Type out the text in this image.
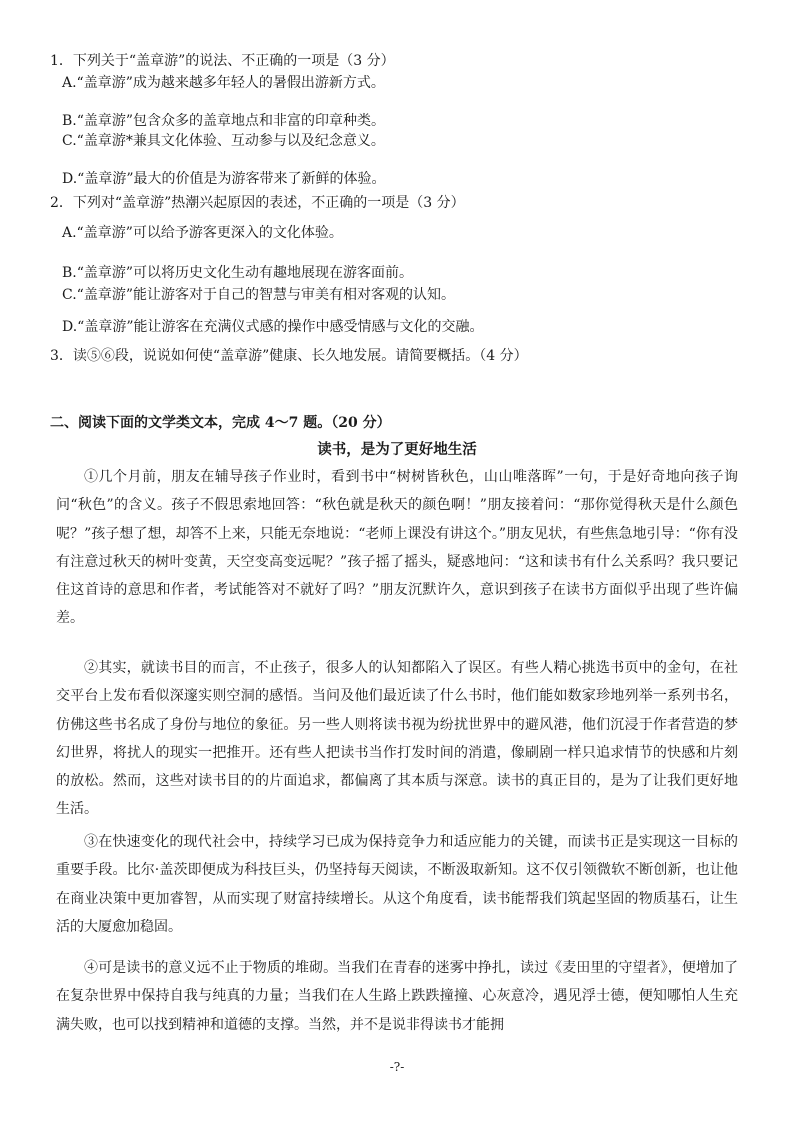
1．下列关于“盖章游”的说法、不正确的一项是（3 分）
A.“盖章游”成为越来越多年轻人的暑假出游新方式。
B.“盖章游”包含众多的盖章地点和非富的印章种类。
C.“盖章游*兼具文化体验、互动参与以及纪念意义。
D.“盖章游”最大的价值是为游客带来了新鲜的体验。
2．下列对“盖章游”热潮兴起原因的表述，不正确的一项是（3 分）
A.“盖章游”可以给予游客更深入的文化体验。
B.“盖章游”可以将历史文化生动有趣地展现在游客面前。
C.“盖章游”能让游客对于自己的智慧与审美有相对客观的认知。
D.“盖章游”能让游客在充满仪式感的操作中感受情感与文化的交融。
3．读⑤⑥段，说说如何使“盖章游”健康、长久地发展。请简要概括。（4 分）
二、阅读下面的文学类文本，完成 4～7 题。（20 分）
读书，是为了更好地生活

①几个月前，朋友在辅导孩子作业时，看到书中“树树皆秋色，山山唯落晖”一句，于是好奇地向孩子询问“秋色”的含义。孩子不假思索地回答：“秋色就是秋天的颜色啊！”朋友接着问：“那你觉得秋天是什么颜色呢？”孩子想了想，却答不上来，只能无奈地说：“老师上课没有讲这个。”朋友见状，有些焦急地引导：“你有没有注意过秋天的树叶变黄，天空变高变远呢？”孩子摇了摇头，疑惑地问：“这和读书有什么关系吗？我只要记住这首诗的意思和作者，考试能答对不就好了吗？”朋友沉默许久，意识到孩子在读书方面似乎出现了些许偏差。

②其实，就读书目的而言，不止孩子，很多人的认知都陷入了误区。有些人精心挑选书页中的金句，在社交平台上发布看似深邃实则空洞的感悟。当问及他们最近读了什么书时，他们能如数家珍地列举一系列书名，仿佛这些书名成了身份与地位的象征。另一些人则将读书视为纷扰世界中的避风港，他们沉浸于作者营造的梦幻世界，将扰人的现实一把推开。还有些人把读书当作打发时间的消遣，像刷剧一样只追求情节的快感和片刻的放松。然而，这些对读书目的的片面追求，都偏离了其本质与深意。读书的真正目的，是为了让我们更好地生活。

③在快速变化的现代社会中，持续学习已成为保持竞争力和适应能力的关键，而读书正是实现这一目标的重要手段。比尔·盖茨即便成为科技巨头，仍坚持每天阅读，不断汲取新知。这不仅引领微软不断创新，也让他在商业决策中更加睿智，从而实现了财富持续增长。从这个角度看，读书能帮我们筑起坚固的物质基石，让生活的大厦愈加稳固。

④可是读书的意义远不止于物质的堆砌。当我们在青春的迷雾中挣扎，读过《麦田里的守望者》，便增加了在复杂世界中保持自我与纯真的力量；当我们在人生路上跌跌撞撞、心灰意冷，遇见浮士德，便知哪怕人生充满失败，也可以找到精神和道德的支撑。当然，并不是说非得读书才能拥

-?-
